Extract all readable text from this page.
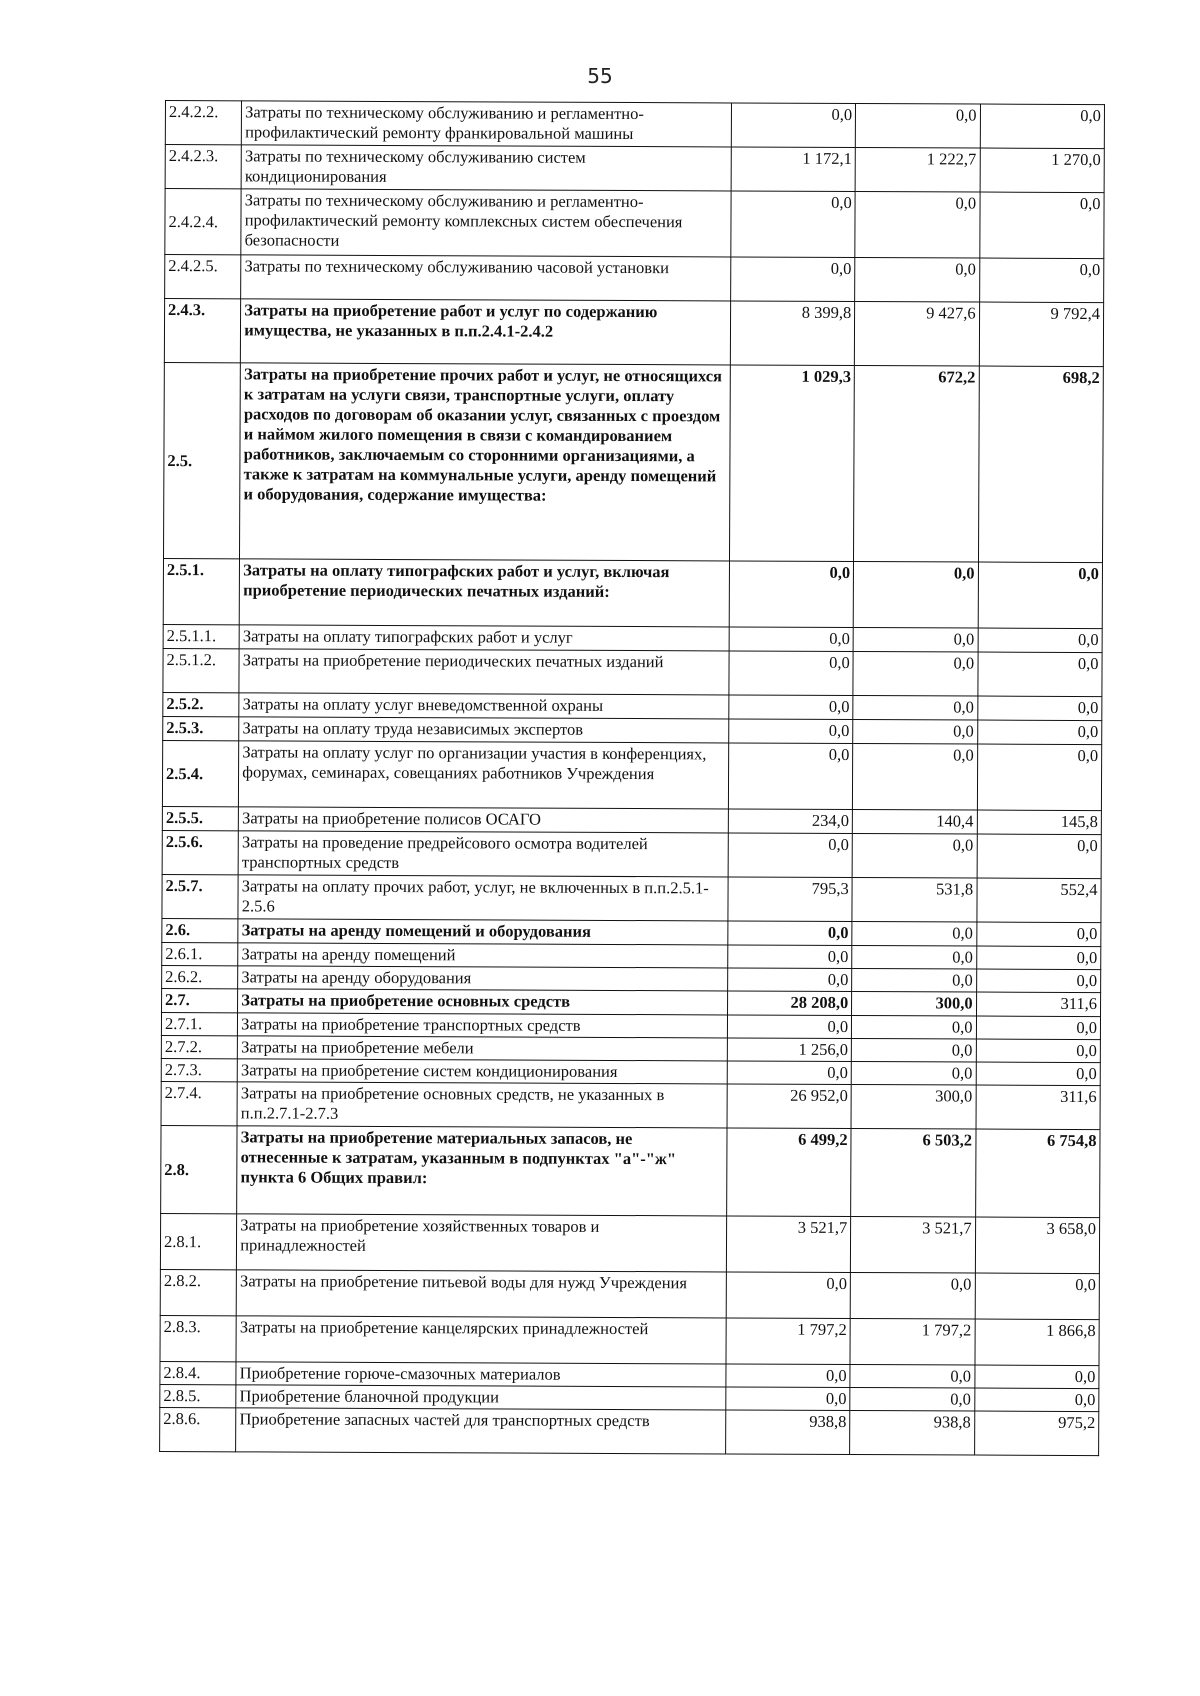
55
2.4.2.2.	Затраты по техническому обслуживанию и регламентно-профилактический ремонту франкировальной машины	0,0	0,0	0,0
2.4.2.3.	Затраты по техническому обслуживанию систем кондиционирования	1 172,1	1 222,7	1 270,0
2.4.2.4.	Затраты по техническому обслуживанию и регламентно-профилактический ремонту комплексных систем обеспечения безопасности	0,0	0,0	0,0
2.4.2.5.	Затраты по техническому обслуживанию часовой установки	0,0	0,0	0,0
2.4.3.	Затраты на приобретение работ и услуг по содержанию имущества, не указанных в п.п.2.4.1-2.4.2	8 399,8	9 427,6	9 792,4
2.5.	Затраты на приобретение прочих работ и услуг, не относящихся к затратам на услуги связи, транспортные услуги, оплату расходов по договорам об оказании услуг, связанных с проездом и наймом жилого помещения в связи с командированием работников, заключаемым со сторонними организациями, а также к затратам на коммунальные услуги, аренду помещений и оборудования, содержание имущества:	1 029,3	672,2	698,2
2.5.1.	Затраты на оплату типографских работ и услуг, включая приобретение периодических печатных изданий:	0,0	0,0	0,0
2.5.1.1.	Затраты на оплату типографских работ и услуг	0,0	0,0	0,0
2.5.1.2.	Затраты на приобретение периодических печатных изданий	0,0	0,0	0,0
2.5.2.	Затраты на оплату услуг вневедомственной охраны	0,0	0,0	0,0
2.5.3.	Затраты на оплату труда независимых экспертов	0,0	0,0	0,0
2.5.4.	Затраты на оплату услуг по организации участия в конференциях, форумах, семинарах, совещаниях работников Учреждения	0,0	0,0	0,0
2.5.5.	Затраты на приобретение полисов ОСАГО	234,0	140,4	145,8
2.5.6.	Затраты на проведение предрейсового осмотра водителей транспортных средств	0,0	0,0	0,0
2.5.7.	Затраты на оплату прочих работ, услуг, не включенных в п.п.2.5.1-2.5.6	795,3	531,8	552,4
2.6.	Затраты на аренду помещений и оборудования	0,0	0,0	0,0
2.6.1.	Затраты на аренду помещений	0,0	0,0	0,0
2.6.2.	Затраты на аренду оборудования	0,0	0,0	0,0
2.7.	Затраты на приобретение основных средств	28 208,0	300,0	311,6
2.7.1.	Затраты на приобретение транспортных средств	0,0	0,0	0,0
2.7.2.	Затраты на приобретение мебели	1 256,0	0,0	0,0
2.7.3.	Затраты на приобретение систем кондиционирования	0,0	0,0	0,0
2.7.4.	Затраты на приобретение основных средств, не указанных в п.п.2.7.1-2.7.3	26 952,0	300,0	311,6
2.8.	Затраты на приобретение материальных запасов, не отнесенные к затратам, указанным в подпунктах "а"-"ж" пункта 6 Общих правил:	6 499,2	6 503,2	6 754,8
2.8.1.	Затраты на приобретение хозяйственных товаров и принадлежностей	3 521,7	3 521,7	3 658,0
2.8.2.	Затраты на приобретение питьевой воды для нужд Учреждения	0,0	0,0	0,0
2.8.3.	Затраты на приобретение канцелярских принадлежностей	1 797,2	1 797,2	1 866,8
2.8.4.	Приобретение горюче-смазочных материалов	0,0	0,0	0,0
2.8.5.	Приобретение бланочной продукции	0,0	0,0	0,0
2.8.6.	Приобретение запасных частей для транспортных средств	938,8	938,8	975,2
